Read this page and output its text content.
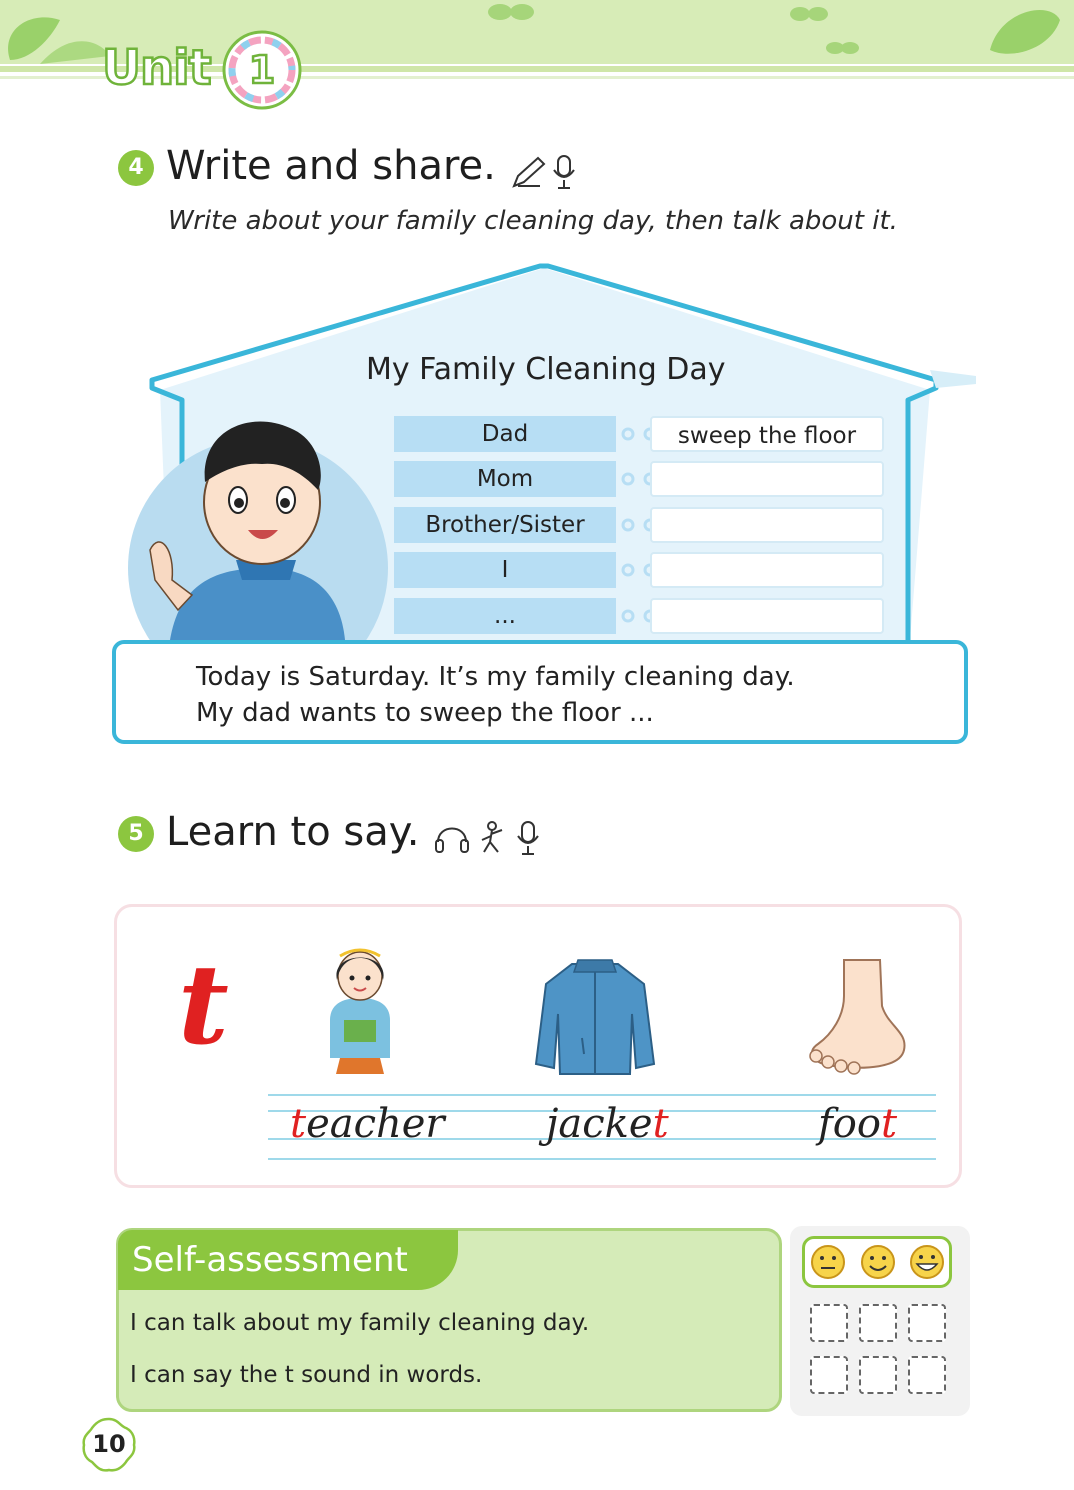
Unit 1
4 Write and share.
Write about your family cleaning day, then talk about it.
My Family Cleaning Day
Dad
Mom
Brother/Sister
I
...
sweep the floor
Today is Saturday. It’s my family cleaning day.
My dad wants to sweep the floor ...
5 Learn to say.
t
teacher	jacket	foot
Self-assessment
I can talk about my family cleaning day.
I can say the t sound in words.
10
